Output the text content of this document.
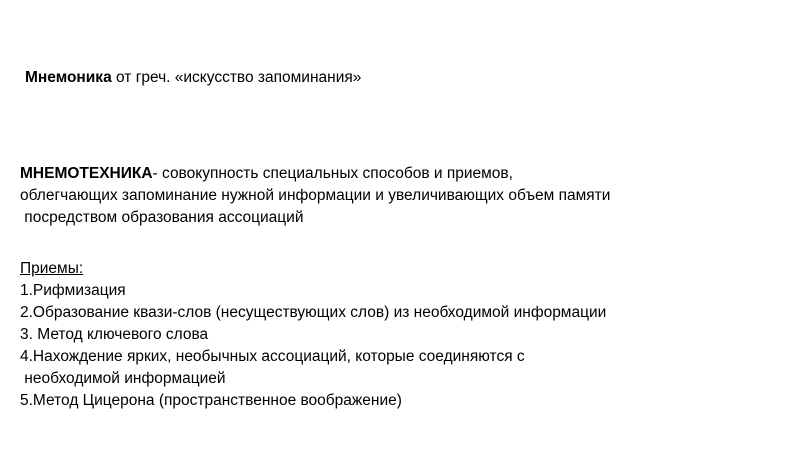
Мнемоника от греч. «искусство запоминания»
МНЕМОТЕХНИКА- совокупность специальных способов и приемов,
облегчающих запоминание нужной информации и увеличивающих объем памяти
посредством образования ассоциаций
Приемы:
1.Рифмизация
2.Образование квази-слов (несуществующих слов) из необходимой информации
3. Метод ключевого слова
4.Нахождение ярких, необычных ассоциаций, которые соединяются с
необходимой информацией
5.Метод Цицерона (пространственное воображение)
